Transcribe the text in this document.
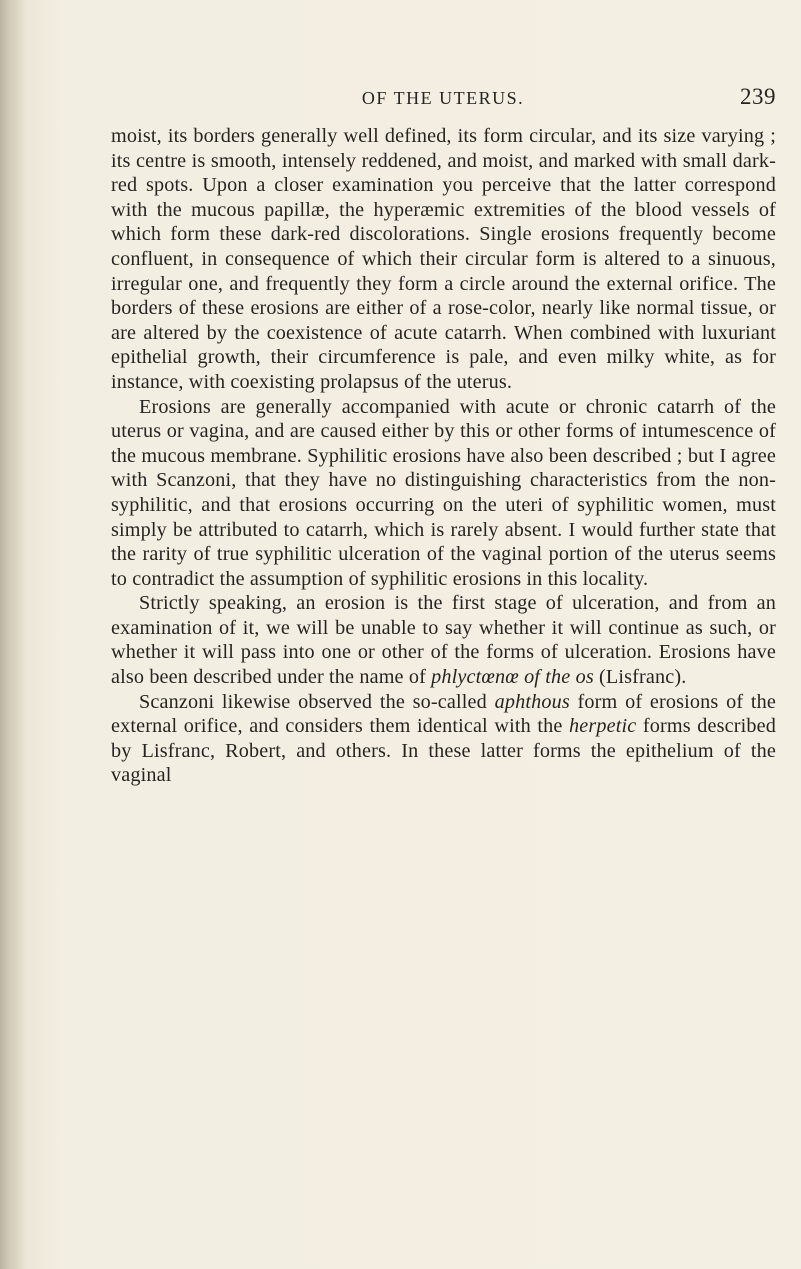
OF THE UTERUS.	239

moist, its borders generally well defined, its form circular, and its size varying ; its centre is smooth, intensely reddened, and moist, and marked with small dark-red spots. Upon a closer examination you perceive that the latter correspond with the mucous papillæ, the hyperæmic extremities of the blood vessels of which form these dark-red discolorations. Single erosions frequently become confluent, in consequence of which their circular form is altered to a sinuous, irregular one, and frequently they form a circle around the external orifice. The borders of these erosions are either of a rose-color, nearly like normal tissue, or are altered by the coexistence of acute catarrh. When combined with luxuriant epithelial growth, their circumference is pale, and even milky white, as for instance, with coexisting prolapsus of the uterus.

Erosions are generally accompanied with acute or chronic catarrh of the uterus or vagina, and are caused either by this or other forms of intumescence of the mucous membrane. Syphilitic erosions have also been described ; but I agree with Scanzoni, that they have no distinguishing characteristics from the non-syphilitic, and that erosions occurring on the uteri of syphilitic women, must simply be attributed to catarrh, which is rarely absent. I would further state that the rarity of true syphilitic ulceration of the vaginal portion of the uterus seems to contradict the assumption of syphilitic erosions in this locality.

Strictly speaking, an erosion is the first stage of ulceration, and from an examination of it, we will be unable to say whether it will continue as such, or whether it will pass into one or other of the forms of ulceration. Erosions have also been described under the name of phlyctœnœ of the os (Lisfranc).

Scanzoni likewise observed the so-called aphthous form of erosions of the external orifice, and considers them identical with the herpetic forms described by Lisfranc, Robert, and others. In these latter forms the epithelium of the vaginal
